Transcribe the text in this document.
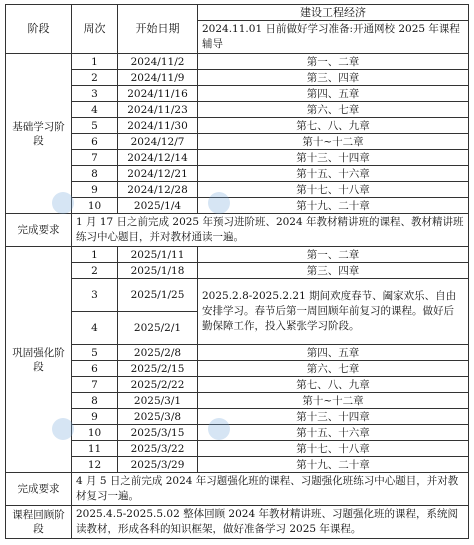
阶段	周次	开始日期	建设工程经济
			2024.11.01 日前做好学习准备:开通网校 2025 年课程辅导
基础学习阶段	1	2024/11/2	第一、二章
	2	2024/11/9	第三、四章
	3	2024/11/16	第四、五章
	4	2024/11/23	第六、七章
	5	2024/11/30	第七、八、九章
	6	2024/12/7	第十~十二章
	7	2024/12/14	第十三、十四章
	8	2024/12/21	第十五、十六章
	9	2024/12/28	第十七、十八章
	10	2025/1/4	第十九、二十章
完成要求	1 月 17 日之前完成 2025 年预习进阶班、2024 年教材精讲班的课程、教材精讲班练习中心题目，并对教材通读一遍。		
巩固强化阶段	1	2025/1/11	第一、二章
	2	2025/1/18	第三、四章
	3	2025/1/25	2025.2.8-2025.2.21 期间欢度春节、阖家欢乐、自由安排学习。春节后第一周回顾年前复习的课程。做好后勤保障工作，投入紧张学习阶段。
	4	2025/2/1	
	5	2025/2/8	第四、五章
	6	2025/2/15	第六、七章
	7	2025/2/22	第七、八、九章
	8	2025/3/1	第十~十二章
	9	2025/3/8	第十三、十四章
	10	2025/3/15	第十五、十六章
	11	2025/3/22	第十七、十八章
	12	2025/3/29	第十九、二十章
完成要求	4 月 5 日之前完成 2024 年习题强化班的课程、习题强化班练习中心题目，并对教材复习一遍。		
课程回顾阶段	2025.4.5-2025.5.02 整体回顾 2024 年教材精讲班、习题强化班的课程，系统阅读教材，形成各科的知识框架，做好准备学习 2025 年课程。		
